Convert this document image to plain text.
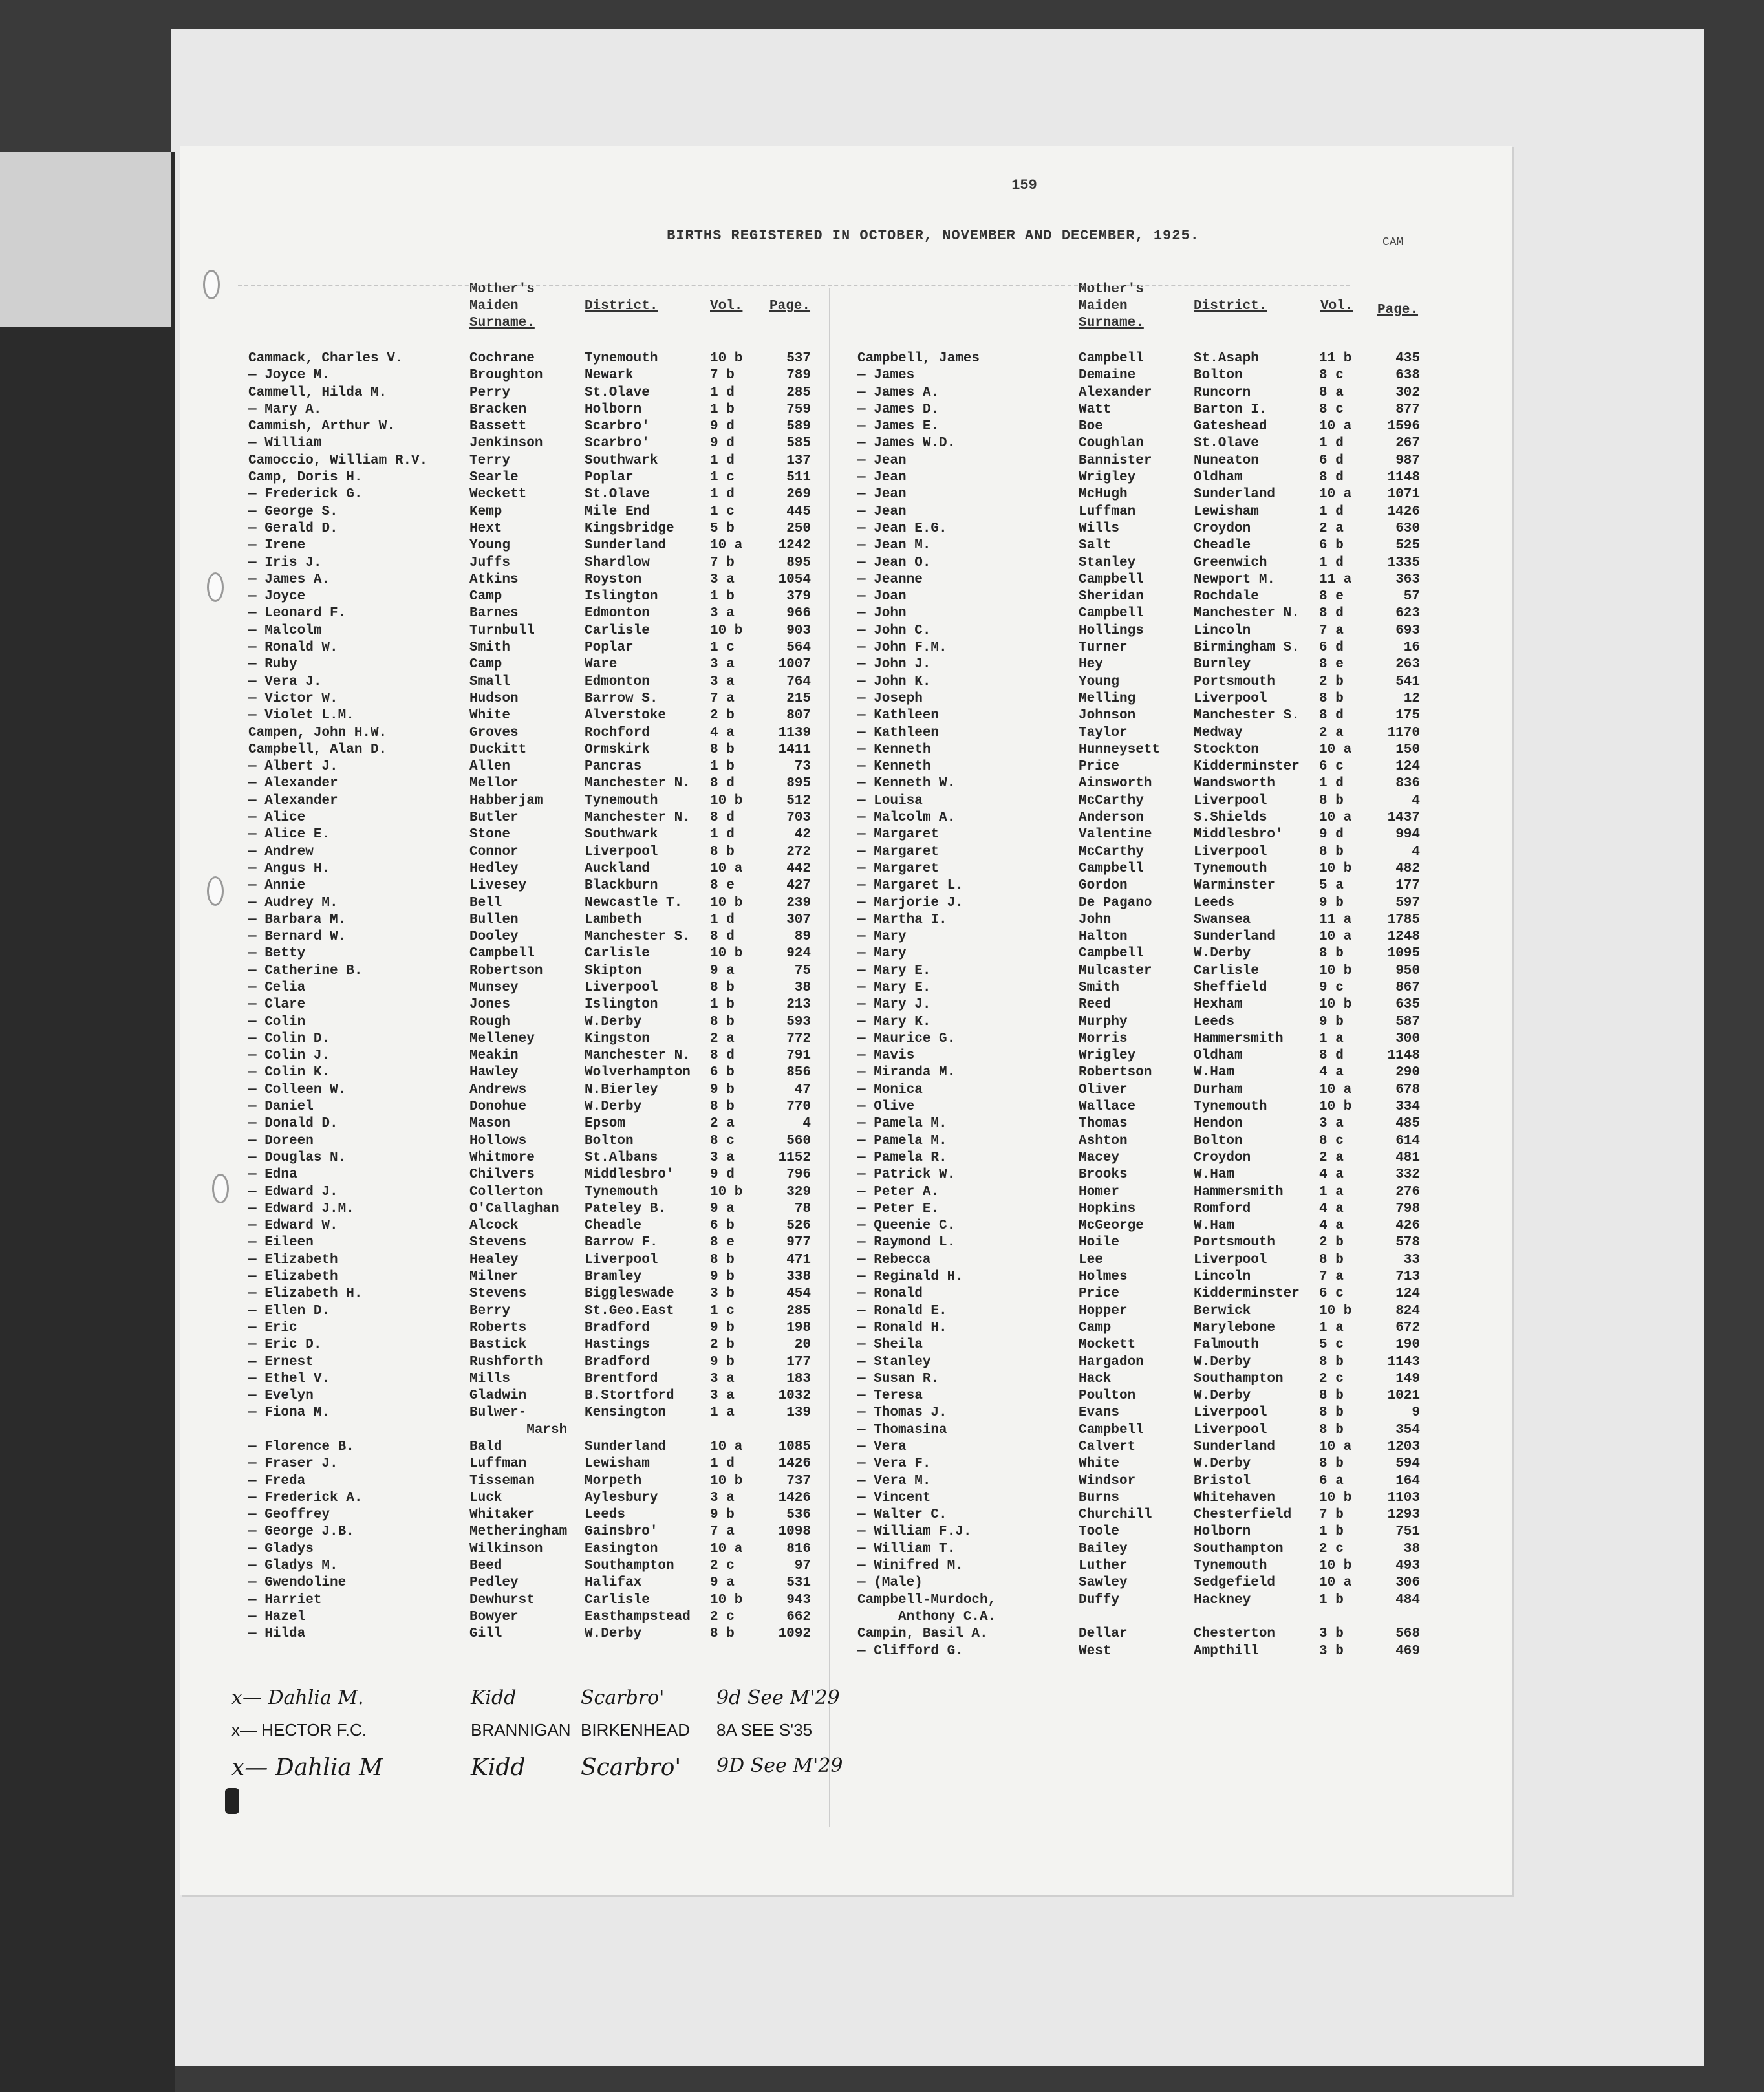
159
BIRTHS REGISTERED IN OCTOBER, NOVEMBER AND DECEMBER, 1925.	CAM
Mother's
Maiden
Surname.
District.	Vol. Page.
Mother's
Maiden
Surname.
District.	Vol. Page.
Cammack, Charles V.	Cochrane	Tynemouth	10 b	537
— Joyce M.	Broughton	Newark	7 b	789
Cammell, Hilda M.	Perry	St.Olave	1 d	285
— Mary A.	Bracken	Holborn	1 b	759
Cammish, Arthur W.	Bassett	Scarbro'	9 d	589
— William	Jenkinson	Scarbro'	9 d	585
Camoccio, William R.V.	Terry	Southwark	1 d	137
Camp, Doris H.	Searle	Poplar	1 c	511
— Frederick G.	Weckett	St.Olave	1 d	269
— George S.	Kemp	Mile End	1 c	445
— Gerald D.	Hext	Kingsbridge	5 b	250
— Irene	Young	Sunderland	10 a	1242
— Iris J.	Juffs	Shardlow	7 b	895
— James A.	Atkins	Royston	3 a	1054
— Joyce	Camp	Islington	1 b	379
— Leonard F.	Barnes	Edmonton	3 a	966
— Malcolm	Turnbull	Carlisle	10 b	903
— Ronald W.	Smith	Poplar	1 c	564
— Ruby	Camp	Ware	3 a	1007
— Vera J.	Small	Edmonton	3 a	764
— Victor W.	Hudson	Barrow S.	7 a	215
— Violet L.M.	White	Alverstoke	2 b	807
Campen, John H.W.	Groves	Rochford	4 a	1139
Campbell, Alan D.	Duckitt	Ormskirk	8 b	1411
— Albert J.	Allen	Pancras	1 b	73
— Alexander	Mellor	Manchester N. 8 d	895
— Alexander	Habberjam	Tynemouth	10 b	512
— Alice	Butler	Manchester N. 8 d	703
— Alice E.	Stone	Southwark	1 d	42
— Andrew	Connor	Liverpool	8 b	272
— Angus H.	Hedley	Auckland	10 a	442
— Annie	Livesey	Blackburn	8 e	427
— Audrey M.	Bell	Newcastle T. 10 b	239
— Barbara M.	Bullen	Lambeth	1 d	307
— Bernard W.	Dooley	Manchester S. 8 d	89
— Betty	Campbell	Carlisle	10 b	924
— Catherine B.	Robertson	Skipton	9 a	75
— Celia	Munsey	Liverpool	8 b	38
— Clare	Jones	Islington	1 b	213
— Colin	Rough	W.Derby	8 b	593
— Colin D.	Melleney	Kingston	2 a	772
— Colin J.	Meakin	Manchester N. 8 d	791
— Colin K.	Hawley	Wolverhampton 6 b	856
— Colleen W.	Andrews	N.Bierley	9 b	47
— Daniel	Donohue	W.Derby	8 b	770
— Donald D.	Mason	Epsom	2 a	4
— Doreen	Hollows	Bolton	8 c	560
— Douglas N.	Whitmore	St.Albans	3 a	1152
— Edna	Chilvers	Middlesbro'	9 d	796
— Edward J.	Collerton	Tynemouth	10 b	329
— Edward J.M.	O'Callaghan Pateley B.	9 a	78
— Edward W.	Alcock	Cheadle	6 b	526
— Eileen	Stevens	Barrow F.	8 e	977
— Elizabeth	Healey	Liverpool	8 b	471
— Elizabeth	Milner	Bramley	9 b	338
— Elizabeth H.	Stevens	Biggleswade	3 b	454
— Ellen D.	Berry	St.Geo.East	1 c	285
— Eric	Roberts	Bradford	9 b	198
— Eric D.	Bastick	Hastings	2 b	20
— Ernest	Rushforth	Bradford	9 b	177
— Ethel V.	Mills	Brentford	3 a	183
— Evelyn	Gladwin	B.Stortford	3 a	1032
— Fiona M.	Bulwer-	Kensington	1 a	139
Marsh
— Florence B.	Bald	Sunderland	10 a	1085
— Fraser J.	Luffman	Lewisham	1 d	1426
— Freda	Tisseman	Morpeth	10 b	737
— Frederick A.	Luck	Aylesbury	3 a	1426
— Geoffrey	Whitaker	Leeds	9 b	536
— George J.B.	Metheringham Gainsbro'	7 a	1098
— Gladys	Wilkinson	Easington	10 a	816
— Gladys M.	Beed	Southampton	2 c	97
— Gwendoline	Pedley	Halifax	9 a	531
— Harriet	Dewhurst	Carlisle	10 b	943
— Hazel	Bowyer	Easthampstead 2 c	662
— Hilda	Gill	W.Derby	8 b	1092
Campbell, James	Campbell	St.Asaph	11 b	435
— James	Demaine	Bolton	8 c	638
— James A.	Alexander	Runcorn	8 a	302
— James D.	Watt	Barton I.	8 c	877
— James E.	Boe	Gateshead	10 a	1596
— James W.D.	Coughlan	St.Olave	1 d	267
— Jean	Bannister	Nuneaton	6 d	987
— Jean	Wrigley	Oldham	8 d	1148
— Jean	McHugh	Sunderland	10 a	1071
— Jean	Luffman	Lewisham	1 d	1426
— Jean E.G.	Wills	Croydon	2 a	630
— Jean M.	Salt	Cheadle	6 b	525
— Jean O.	Stanley	Greenwich	1 d	1335
— Jeanne	Campbell	Newport M.	11 a	363
— Joan	Sheridan	Rochdale	8 e	57
— John	Campbell	Manchester N. 8 d	623
— John C.	Hollings	Lincoln	7 a	693
— John F.M.	Turner	Birmingham S. 6 d	16
— John J.	Hey	Burnley	8 e	263
— John K.	Young	Portsmouth	2 b	541
— Joseph	Melling	Liverpool	8 b	12
— Kathleen	Johnson	Manchester S. 8 d	175
— Kathleen	Taylor	Medway	2 a	1170
— Kenneth	Hunneysett Stockton	10 a	150
— Kenneth	Price	Kidderminster 6 c	124
— Kenneth W.	Ainsworth	Wandsworth	1 d	836
— Louisa	McCarthy	Liverpool	8 b	4
— Malcolm A.	Anderson	S.Shields	10 a	1437
— Margaret	Valentine	Middlesbro'	9 d	994
— Margaret	McCarthy	Liverpool	8 b	4
— Margaret	Campbell	Tynemouth	10 b	482
— Margaret L.	Gordon	Warminster	5 a	177
— Marjorie J.	De Pagano	Leeds	9 b	597
— Martha I.	John	Swansea	11 a	1785
— Mary	Halton	Sunderland	10 a	1248
— Mary	Campbell	W.Derby	8 b	1095
— Mary E.	Mulcaster	Carlisle	10 b	950
— Mary E.	Smith	Sheffield	9 c	867
— Mary J.	Reed	Hexham	10 b	635
— Mary K.	Murphy	Leeds	9 b	587
— Maurice G.	Morris	Hammersmith	1 a	300
— Mavis	Wrigley	Oldham	8 d	1148
— Miranda M.	Robertson	W.Ham	4 a	290
— Monica	Oliver	Durham	10 a	678
— Olive	Wallace	Tynemouth	10 b	334
— Pamela M.	Thomas	Hendon	3 a	485
— Pamela M.	Ashton	Bolton	8 c	614
— Pamela R.	Macey	Croydon	2 a	481
— Patrick W.	Brooks	W.Ham	4 a	332
— Peter A.	Homer	Hammersmith	1 a	276
— Peter E.	Hopkins	Romford	4 a	798
— Queenie C.	McGeorge	W.Ham	4 a	426
— Raymond L.	Hoile	Portsmouth	2 b	578
— Rebecca	Lee	Liverpool	8 b	33
— Reginald H.	Holmes	Lincoln	7 a	713
— Ronald	Price	Kidderminster 6 c	124
— Ronald E.	Hopper	Berwick	10 b	824
— Ronald H.	Camp	Marylebone	1 a	672
— Sheila	Mockett	Falmouth	5 c	190
— Stanley	Hargadon	W.Derby	8 b	1143
— Susan R.	Hack	Southampton	2 c	149
— Teresa	Poulton	W.Derby	8 b	1021
— Thomas J.	Evans	Liverpool	8 b	9
— Thomasina	Campbell	Liverpool	8 b	354
— Vera	Calvert	Sunderland	10 a	1203
— Vera F.	White	W.Derby	8 b	594
— Vera M.	Windsor	Bristol	6 a	164
— Vincent	Burns	Whitehaven	10 b	1103
— Walter C.	Churchill	Chesterfield 7 b	1293
— William F.J.	Toole	Holborn	1 b	751
— William T.	Bailey	Southampton	2 c	38
— Winifred M.	Luther	Tynemouth	10 b	493
— (Male)	Sawley	Sedgefield	10 a	306
Campbell-Murdoch,	Duffy	Hackney	1 b	484
Anthony C.A.
Campin, Basil A.	Dellar	Chesterton	3 b	568
— Clifford G.	West	Ampthill	3 b	469
x— Dahlia M.	Kidd	Scarbro'	9d See M'29
x— HECTOR F.C.	BRANNIGAN BIRKENHEAD 8A SEE S'35
x— Dahlia M	Kidd Scarbro' 9D See M'29
